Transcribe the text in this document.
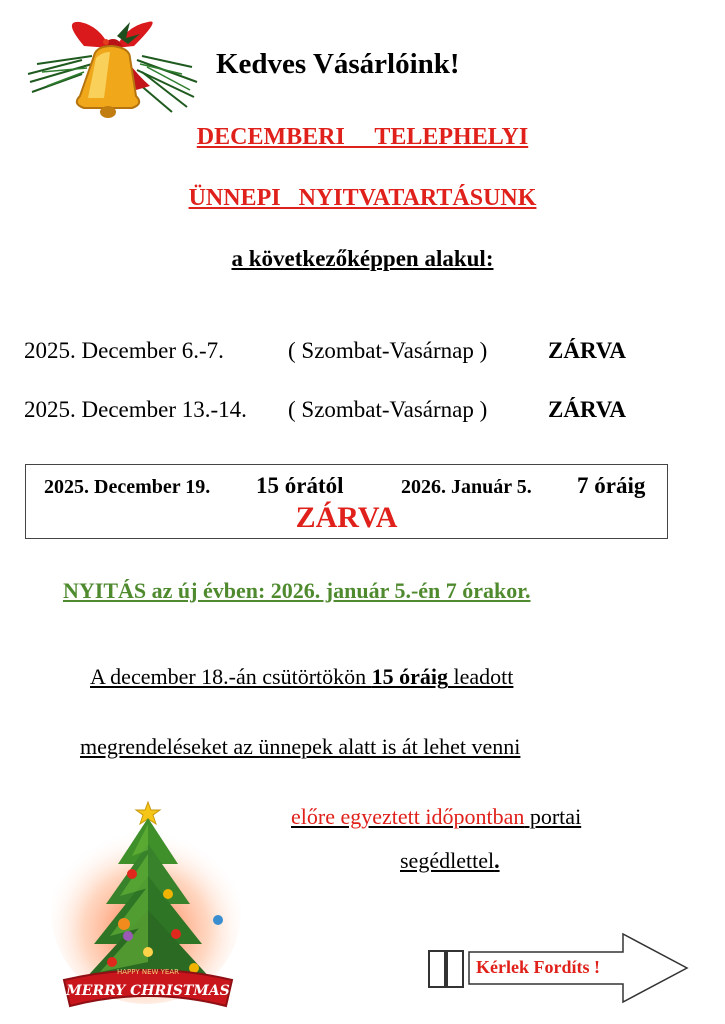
Kedves Vásárlóink!
DECEMBERI     TELEPHELYI
ÜNNEPI   NYITVATARTÁSUNK
a következőképpen alakul:
2025. December 6.-7.	( Szombat-Vasárnap )	ZÁRVA
2025. December 13.-14. ( Szombat-Vasárnap )	ZÁRVA
2025. December 19. 15 órától	2026. Január 5. 7 óráig
ZÁRVA
NYITÁS az új évben: 2026. január 5.-én 7 órakor.
A december 18.-án csütörtökön 15 óráig leadott
megrendeléseket az ünnepek alatt is át lehet venni
előre egyeztett időpontban portai
segédlettel.
HAPPY NEW YEAR
MERRY CHRISTMAS
Kérlek Fordíts !
